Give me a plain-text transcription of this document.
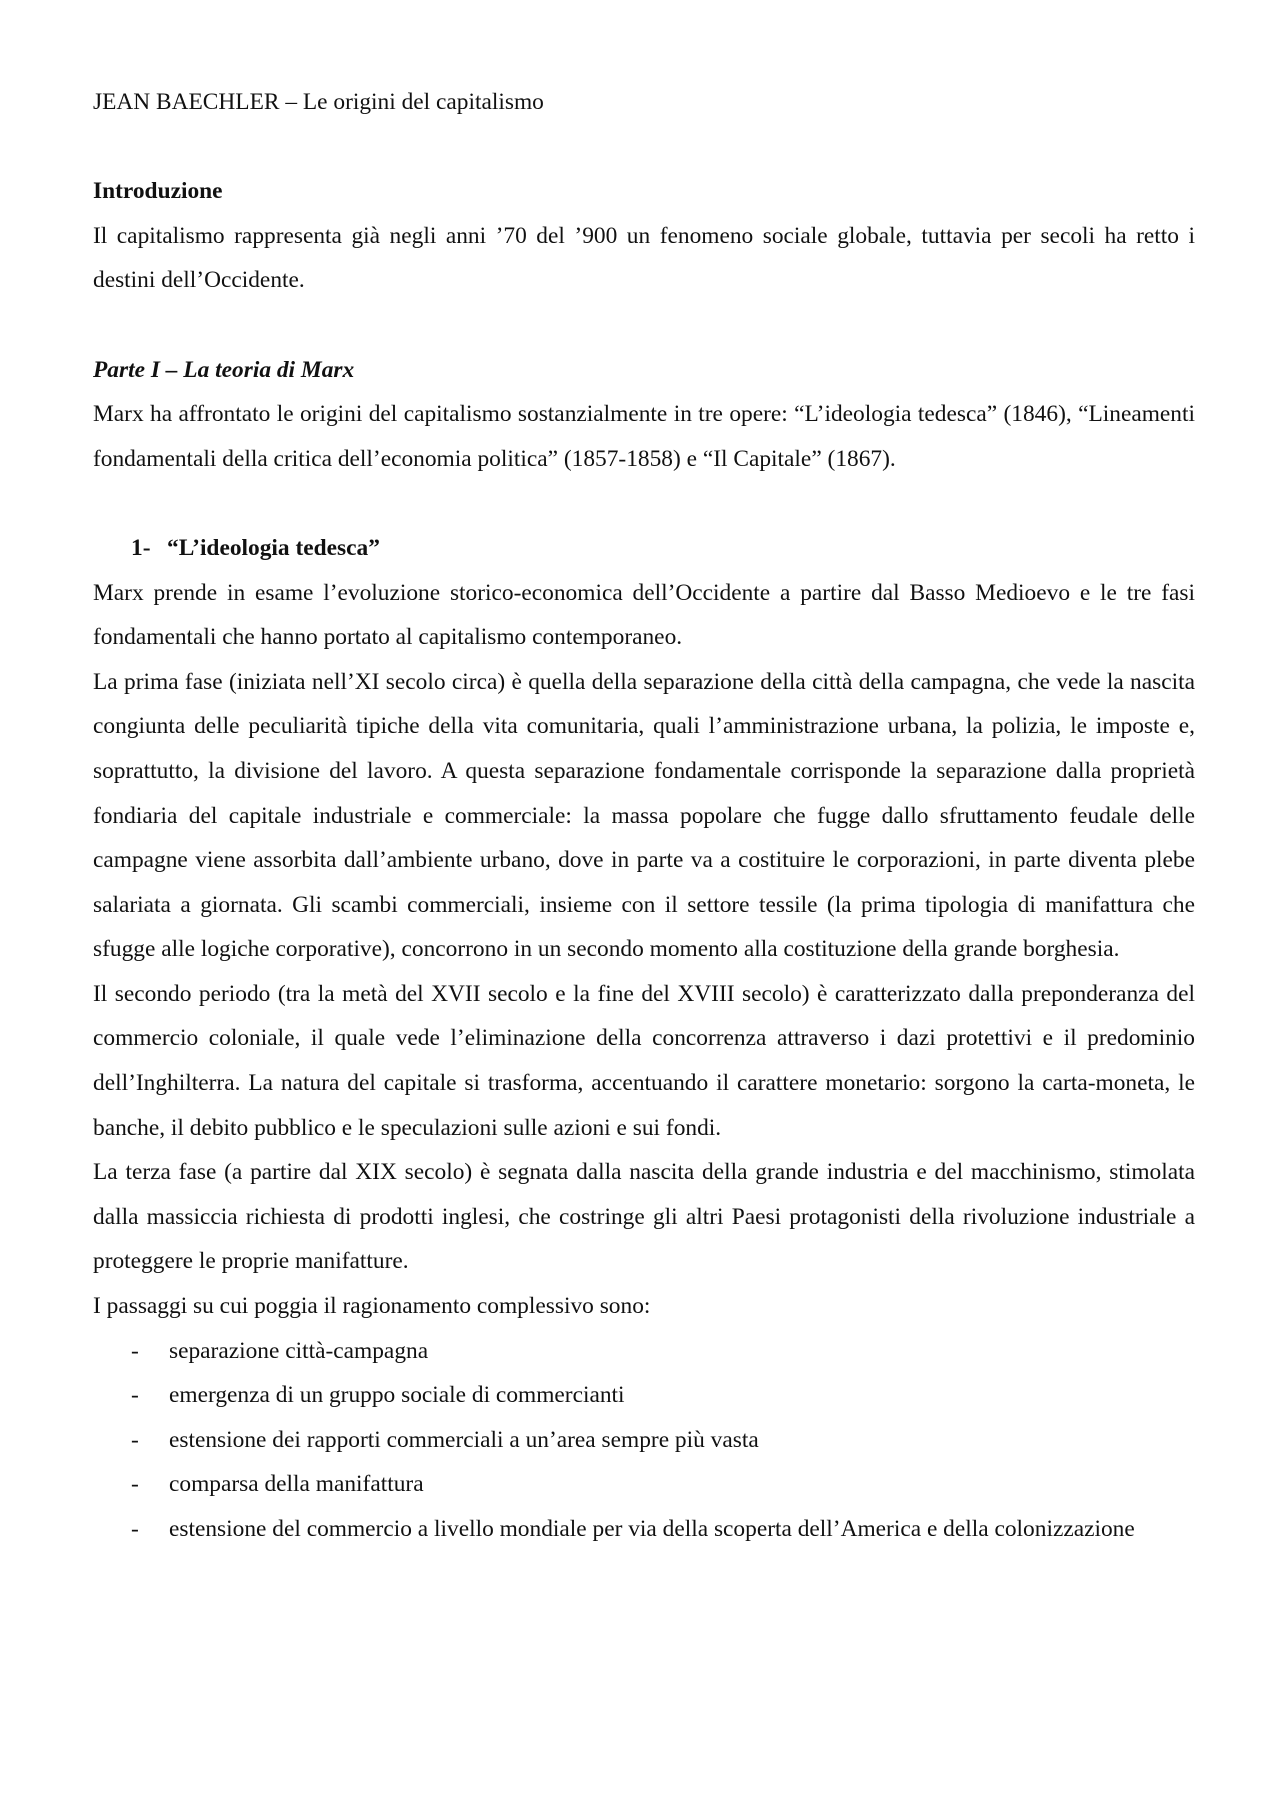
JEAN BAECHLER – Le origini del capitalismo

Introduzione

Il capitalismo rappresenta già negli anni ’70 del ’900 un fenomeno sociale globale, tuttavia per secoli ha retto i destini dell’Occidente.

Parte I – La teoria di Marx

Marx ha affrontato le origini del capitalismo sostanzialmente in tre opere: “L’ideologia tedesca” (1846), “Lineamenti fondamentali della critica dell’economia politica” (1857-1858) e “Il Capitale” (1867).

1- “L’ideologia tedesca”

Marx prende in esame l’evoluzione storico-economica dell’Occidente a partire dal Basso Medioevo e le tre fasi fondamentali che hanno portato al capitalismo contemporaneo.

La prima fase (iniziata nell’XI secolo circa) è quella della separazione della città della campagna, che vede la nascita congiunta delle peculiarità tipiche della vita comunitaria, quali l’amministrazione urbana, la polizia, le imposte e, soprattutto, la divisione del lavoro. A questa separazione fondamentale corrisponde la separazione dalla proprietà fondiaria del capitale industriale e commerciale: la massa popolare che fugge dallo sfruttamento feudale delle campagne viene assorbita dall’ambiente urbano, dove in parte va a costituire le corporazioni, in parte diventa plebe salariata a giornata. Gli scambi commerciali, insieme con il settore tessile (la prima tipologia di manifattura che sfugge alle logiche corporative), concorrono in un secondo momento alla costituzione della grande borghesia.

Il secondo periodo (tra la metà del XVII secolo e la fine del XVIII secolo) è caratterizzato dalla preponderanza del commercio coloniale, il quale vede l’eliminazione della concorrenza attraverso i dazi protettivi e il predominio dell’Inghilterra. La natura del capitale si trasforma, accentuando il carattere monetario: sorgono la carta-moneta, le banche, il debito pubblico e le speculazioni sulle azioni e sui fondi.

La terza fase (a partire dal XIX secolo) è segnata dalla nascita della grande industria e del macchinismo, stimolata dalla massiccia richiesta di prodotti inglesi, che costringe gli altri Paesi protagonisti della rivoluzione industriale a proteggere le proprie manifatture.

I passaggi su cui poggia il ragionamento complessivo sono:

-	separazione città-campagna
-	emergenza di un gruppo sociale di commercianti
-	estensione dei rapporti commerciali a un’area sempre più vasta
-	comparsa della manifattura
-	estensione del commercio a livello mondiale per via della scoperta dell’America e della colonizzazione
